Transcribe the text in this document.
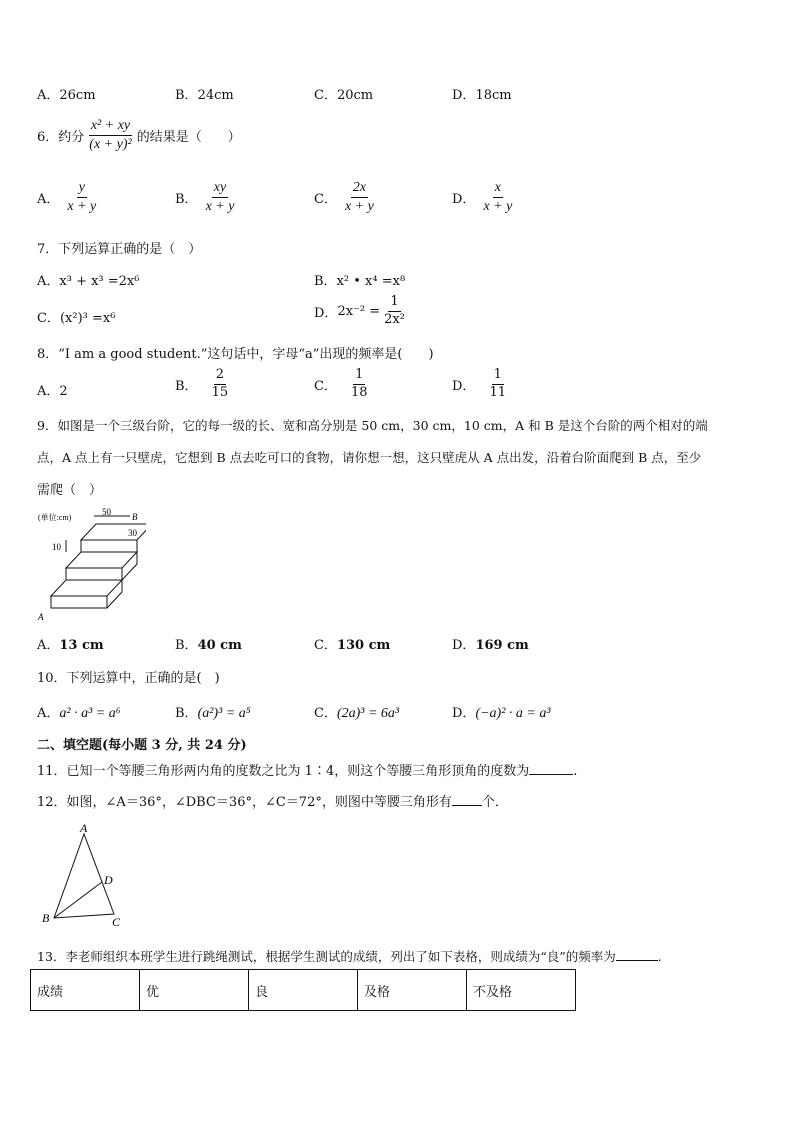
A．26cm	B．24cm	C．20cm	D．18cm
6． 约分 $\frac{\text{x² + xy}}{\text{(x + y)²}}$ 的结果是（　　）
A． $\frac{y}{x + y}$	B． $\frac{xy}{x + y}$	C． $\frac{2x}{x + y}$	D． $\frac{x}{x + y}$
7．下列运算正确的是（　）
A．x³ + x³ =2x⁶	B．x² • x⁴ =x⁸
C．(x²)³ =x⁶	D． $2x^{-2} = \frac{1}{\text{2x²}}$
8．“I am a good student.”这句话中，字母“a”出现的频率是(　　)
A．2	B． $\frac{2}{15}$	C． $\frac{1}{18}$	D． $\frac{1}{11}$
9．如图是一个三级台阶，它的每一级的长、宽和高分别是 50 cm，30 cm，10 cm，A 和 B 是这个台阶的两个相对的端
点，A 点上有一只壁虎，它想到 B 点去吃可口的食物，请你想一想，这只壁虎从 A 点出发，沿着台阶面爬到 B 点，至少
需爬（　）
(单位:cm)
50
30
10
A
B
A．13 cm	B．40 cm	C．130 cm	D．169 cm
10．下列运算中，正确的是(　)
A．a² · a³ = a⁶	B．(a²)³ = a⁵	C．(2a)³ = 6a³	D．(−a)² · a = a³
二、填空题(每小题 3 分, 共 24 分)
11．已知一个等腰三角形两内角的度数之比为 1∶4，则这个等腰三角形顶角的度数为	.
12．如图，∠A＝36°，∠DBC＝36°，∠C＝72°，则图中等腰三角形有 个．
A
B	C
D
13．李老师组织本班学生进行跳绳测试，根据学生测试的成绩，列出了如下表格，则成绩为“良”的频率为	.
成绩	优	良	及格	不及格
